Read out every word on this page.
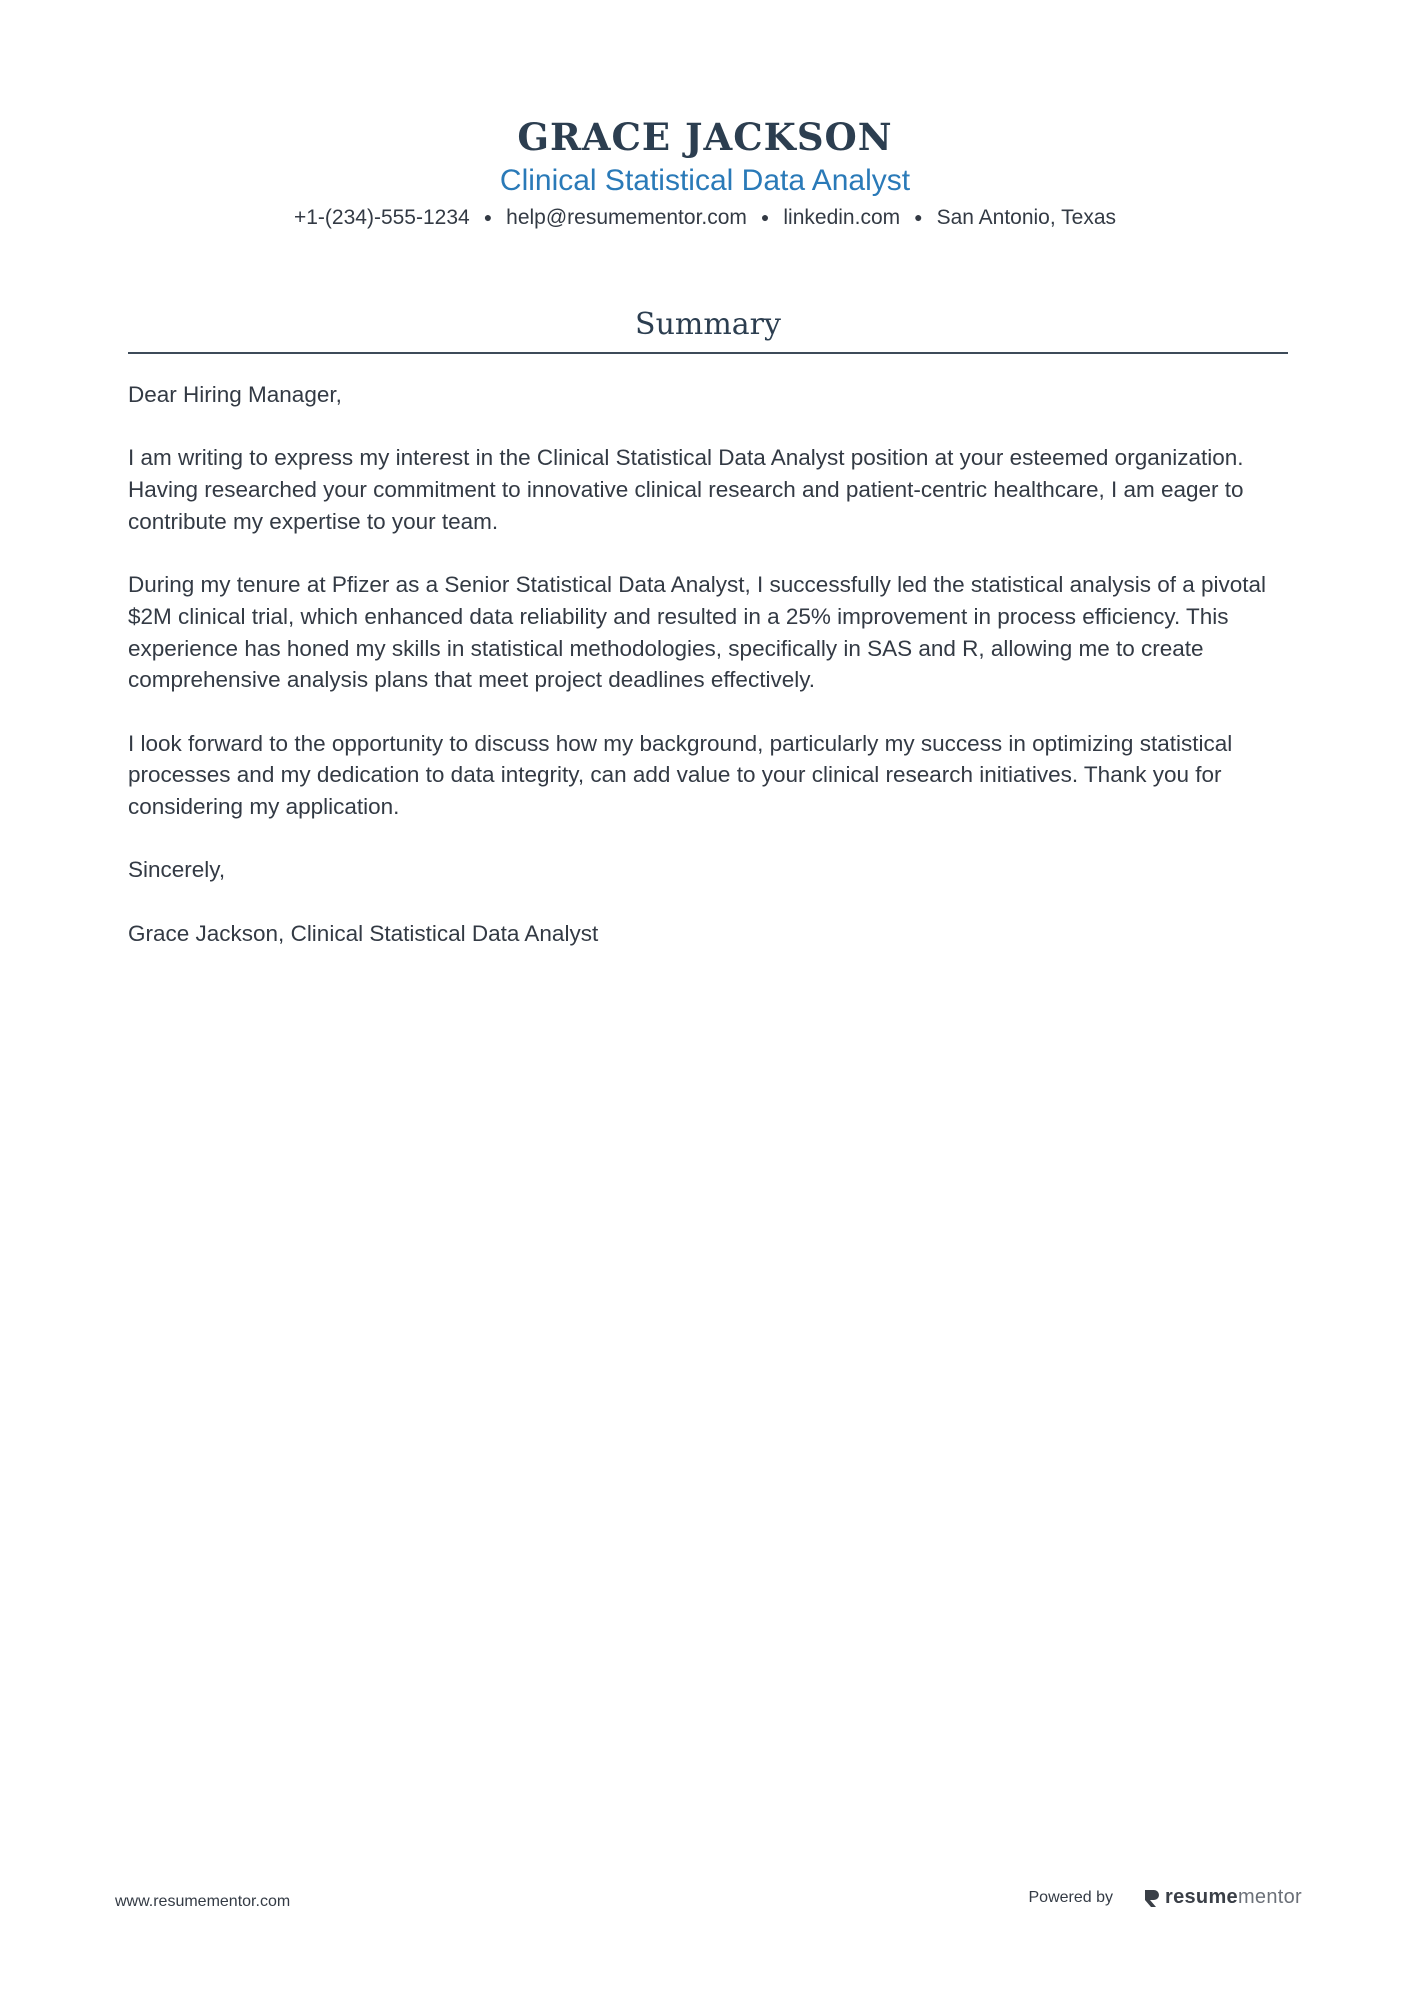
GRACE JACKSON
Clinical Statistical Data Analyst
+1-(234)-555-1234 ● help@resumementor.com ● linkedin.com ● San Antonio, Texas
Summary

Dear Hiring Manager,

I am writing to express my interest in the Clinical Statistical Data Analyst position at your esteemed organization. Having researched your commitment to innovative clinical research and patient-centric healthcare, I am eager to contribute my expertise to your team.

During my tenure at Pfizer as a Senior Statistical Data Analyst, I successfully led the statistical analysis of a pivotal $2M clinical trial, which enhanced data reliability and resulted in a 25% improvement in process efficiency. This experience has honed my skills in statistical methodologies, specifically in SAS and R, allowing me to create comprehensive analysis plans that meet project deadlines effectively.

I look forward to the opportunity to discuss how my background, particularly my success in optimizing statistical processes and my dedication to data integrity, can add value to your clinical research initiatives. Thank you for considering my application.

Sincerely,

Grace Jackson, Clinical Statistical Data Analyst

www.resumementor.com	Powered by	resume mentor
